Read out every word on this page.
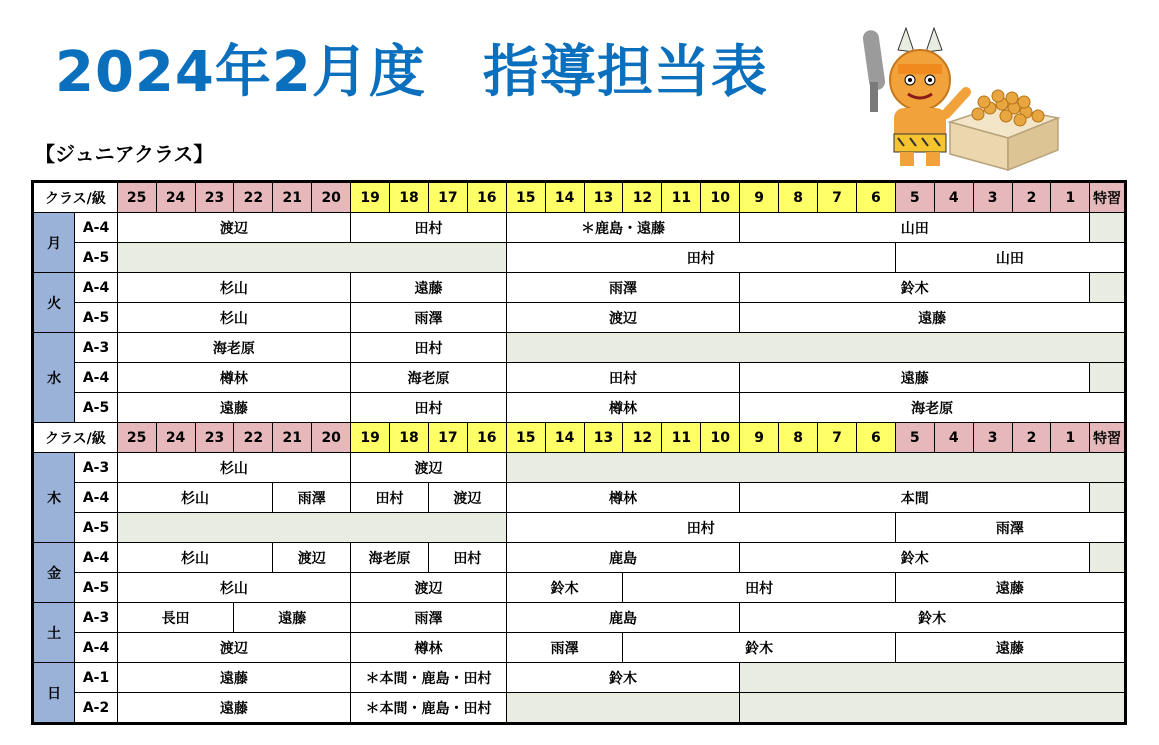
2024年2月度　指導担当表
【ジュニアクラス】
クラス/級		25	24	23	22	21	20	19	18	17	16	15	14	13	12	11	10	9	8	7	6	5	4	3	2	1	特習
月	A-4	渡辺						田村				＊鹿島・遠藤						山田									
	A-5											田村										山田					
火	A-4	杉山						遠藤				雨澤						鈴木									
	A-5	杉山						雨澤				渡辺						遠藤									
水	A-3	海老原						田村																			
	A-4	樽林						海老原				田村						遠藤									
	A-5	遠藤						田村				樽林						海老原									
クラス/級		25	24	23	22	21	20	19	18	17	16	15	14	13	12	11	10	9	8	7	6	5	4	3	2	1	特習
木	A-3	杉山						渡辺																			
	A-4	杉山				雨澤		田村		渡辺		樽林						本間									
	A-5											田村										雨澤					
金	A-4	杉山				渡辺		海老原		田村		鹿島						鈴木									
	A-5	杉山						渡辺				鈴木			田村							遠藤					
土	A-3	長田			遠藤			雨澤				鹿島						鈴木									
	A-4	渡辺						樽林				雨澤			鈴木							遠藤					
日	A-1	遠藤						＊本間・鹿島・田村				鈴木															
	A-2	遠藤						＊本間・鹿島・田村																			
